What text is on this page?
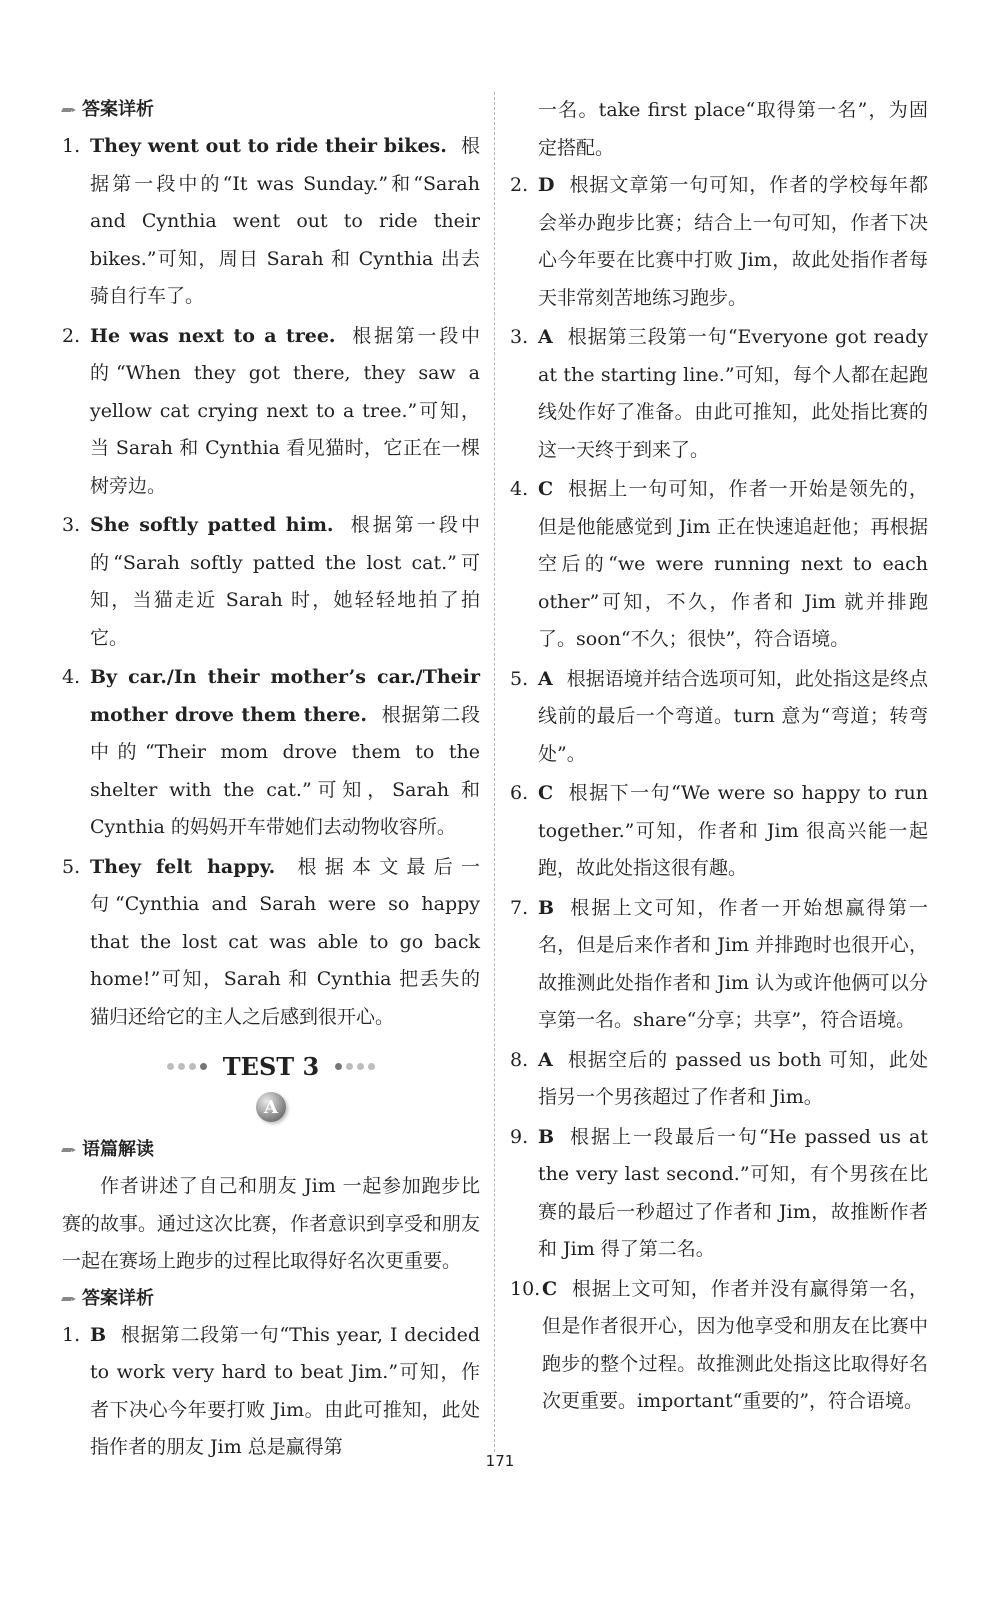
答案详析
1. They went out to ride their bikes. 根据第一段中的“It was Sunday.”和“Sarah and Cynthia went out to ride their bikes.”可知，周日 Sarah 和 Cynthia 出去骑自行车了。
2. He was next to a tree. 根据第一段中的“When they got there, they saw a yellow cat crying next to a tree.”可知，当 Sarah 和 Cynthia 看见猫时，它正在一棵树旁边。
3. She softly patted him. 根据第一段中的“Sarah softly patted the lost cat.”可知，当猫走近 Sarah 时，她轻轻地拍了拍它。
4. By car./In their mother’s car./Their mother drove them there. 根据第二段中的“Their mom drove them to the shelter with the cat.”可知，Sarah 和 Cynthia 的妈妈开车带她们去动物收容所。
5. They felt happy. 根据本文最后一句“Cynthia and Sarah were so happy that the lost cat was able to go back home!”可知，Sarah 和 Cynthia 把丢失的猫归还给它的主人之后感到很开心。
TEST 3
A
语篇解读

作者讲述了自己和朋友 Jim 一起参加跑步比赛的故事。通过这次比赛，作者意识到享受和朋友一起在赛场上跑步的过程比取得好名次更重要。

答案详析
1. B 根据第二段第一句“This year, I decided to work very hard to beat Jim.”可知，作者下决心今年要打败 Jim。由此可推知，此处指作者的朋友 Jim 总是赢得第

一名。take first place“取得第一名”，为固定搭配。

2. D 根据文章第一句可知，作者的学校每年都会举办跑步比赛；结合上一句可知，作者下决心今年要在比赛中打败 Jim，故此处指作者每天非常刻苦地练习跑步。
3. A 根据第三段第一句“Everyone got ready at the starting line.”可知，每个人都在起跑线处作好了准备。由此可推知，此处指比赛的这一天终于到来了。
4. C 根据上一句可知，作者一开始是领先的，但是他能感觉到 Jim 正在快速追赶他；再根据空后的“we were running next to each other”可知，不久，作者和 Jim 就并排跑了。soon“不久；很快”，符合语境。
5. A 根据语境并结合选项可知，此处指这是终点线前的最后一个弯道。turn 意为“弯道；转弯处”。
6. C 根据下一句“We were so happy to run together.”可知，作者和 Jim 很高兴能一起跑，故此处指这很有趣。
7. B 根据上文可知，作者一开始想赢得第一名，但是后来作者和 Jim 并排跑时也很开心，故推测此处指作者和 Jim 认为或许他俩可以分享第一名。share“分享；共享”，符合语境。
8. A 根据空后的 passed us both 可知，此处指另一个男孩超过了作者和 Jim。
9. B 根据上一段最后一句“He passed us at the very last second.”可知，有个男孩在比赛的最后一秒超过了作者和 Jim，故推断作者和 Jim 得了第二名。
10. C 根据上文可知，作者并没有赢得第一名，但是作者很开心，因为他享受和朋友在比赛中跑步的整个过程。故推测此处指这比取得好名次更重要。important“重要的”，符合语境。
171
